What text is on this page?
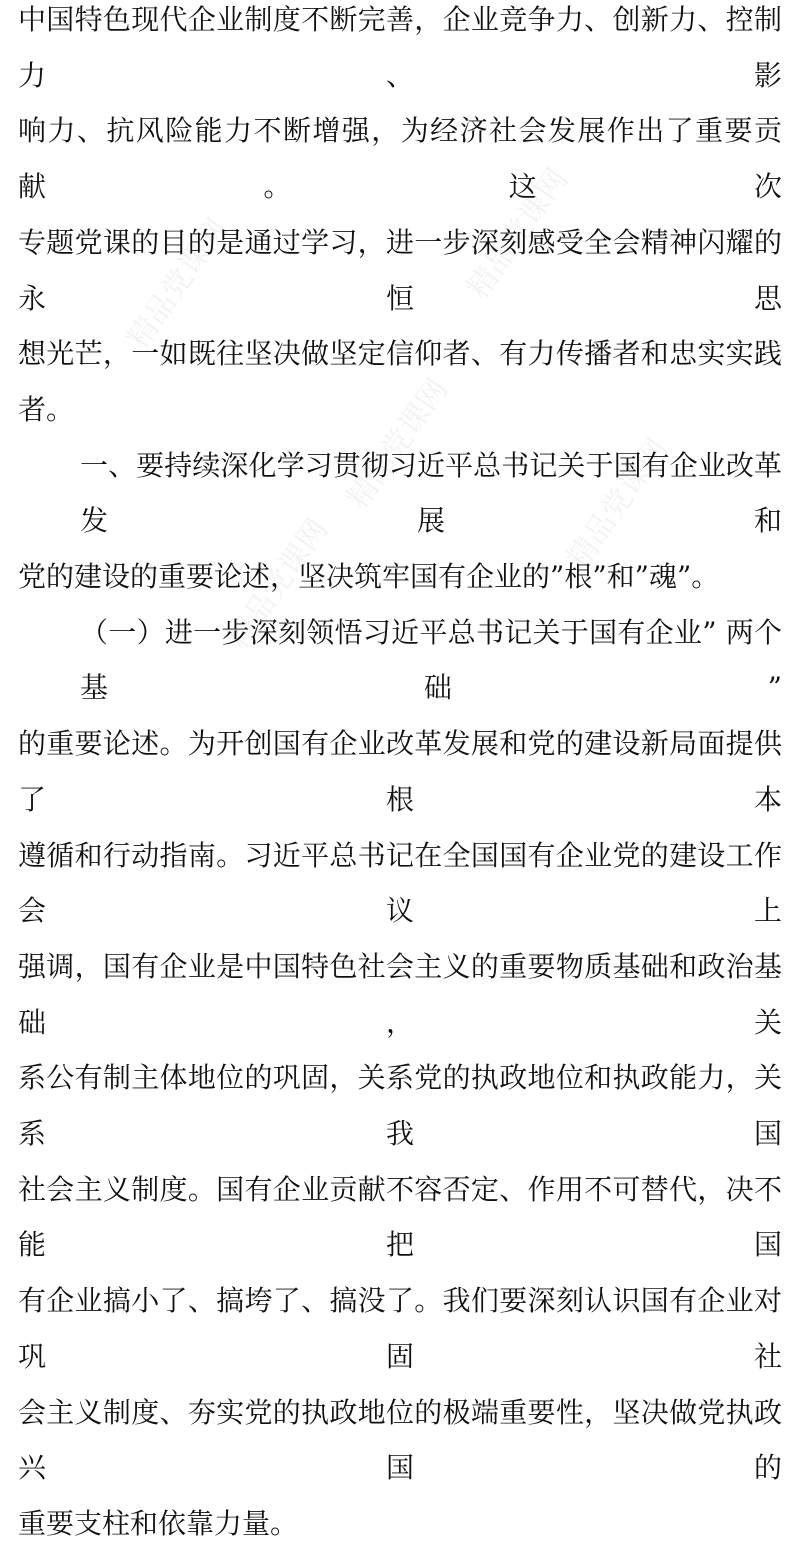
精品党课网
精品党课网
精品党课网	精品党课网
精品党课网
中国特色现代企业制度不断完善，企业竞争力、创新力、控制力、影
响力、抗风险能力不断增强，为经济社会发展作出了重要贡献。这次
专题党课的目的是通过学习，进一步深刻感受全会精神闪耀的永恒思
想光芒，一如既往坚决做坚定信仰者、有力传播者和忠实实践者。
一、要持续深化学习贯彻习近平总书记关于国有企业改革发展和
党的建设的重要论述，坚决筑牢国有企业的”根”和”魂”。
（一）进一步深刻领悟习近平总书记关于国有企业” 两个基础”
的重要论述。为开创国有企业改革发展和党的建设新局面提供了根本
遵循和行动指南。习近平总书记在全国国有企业党的建设工作会议上
强调，国有企业是中国特色社会主义的重要物质基础和政治基础，关
系公有制主体地位的巩固，关系党的执政地位和执政能力，关系我国
社会主义制度。国有企业贡献不容否定、作用不可替代，决不能把国
有企业搞小了、搞垮了、搞没了。我们要深刻认识国有企业对巩固社
会主义制度、夯实党的执政地位的极端重要性，坚决做党执政兴国的
重要支柱和依靠力量。
